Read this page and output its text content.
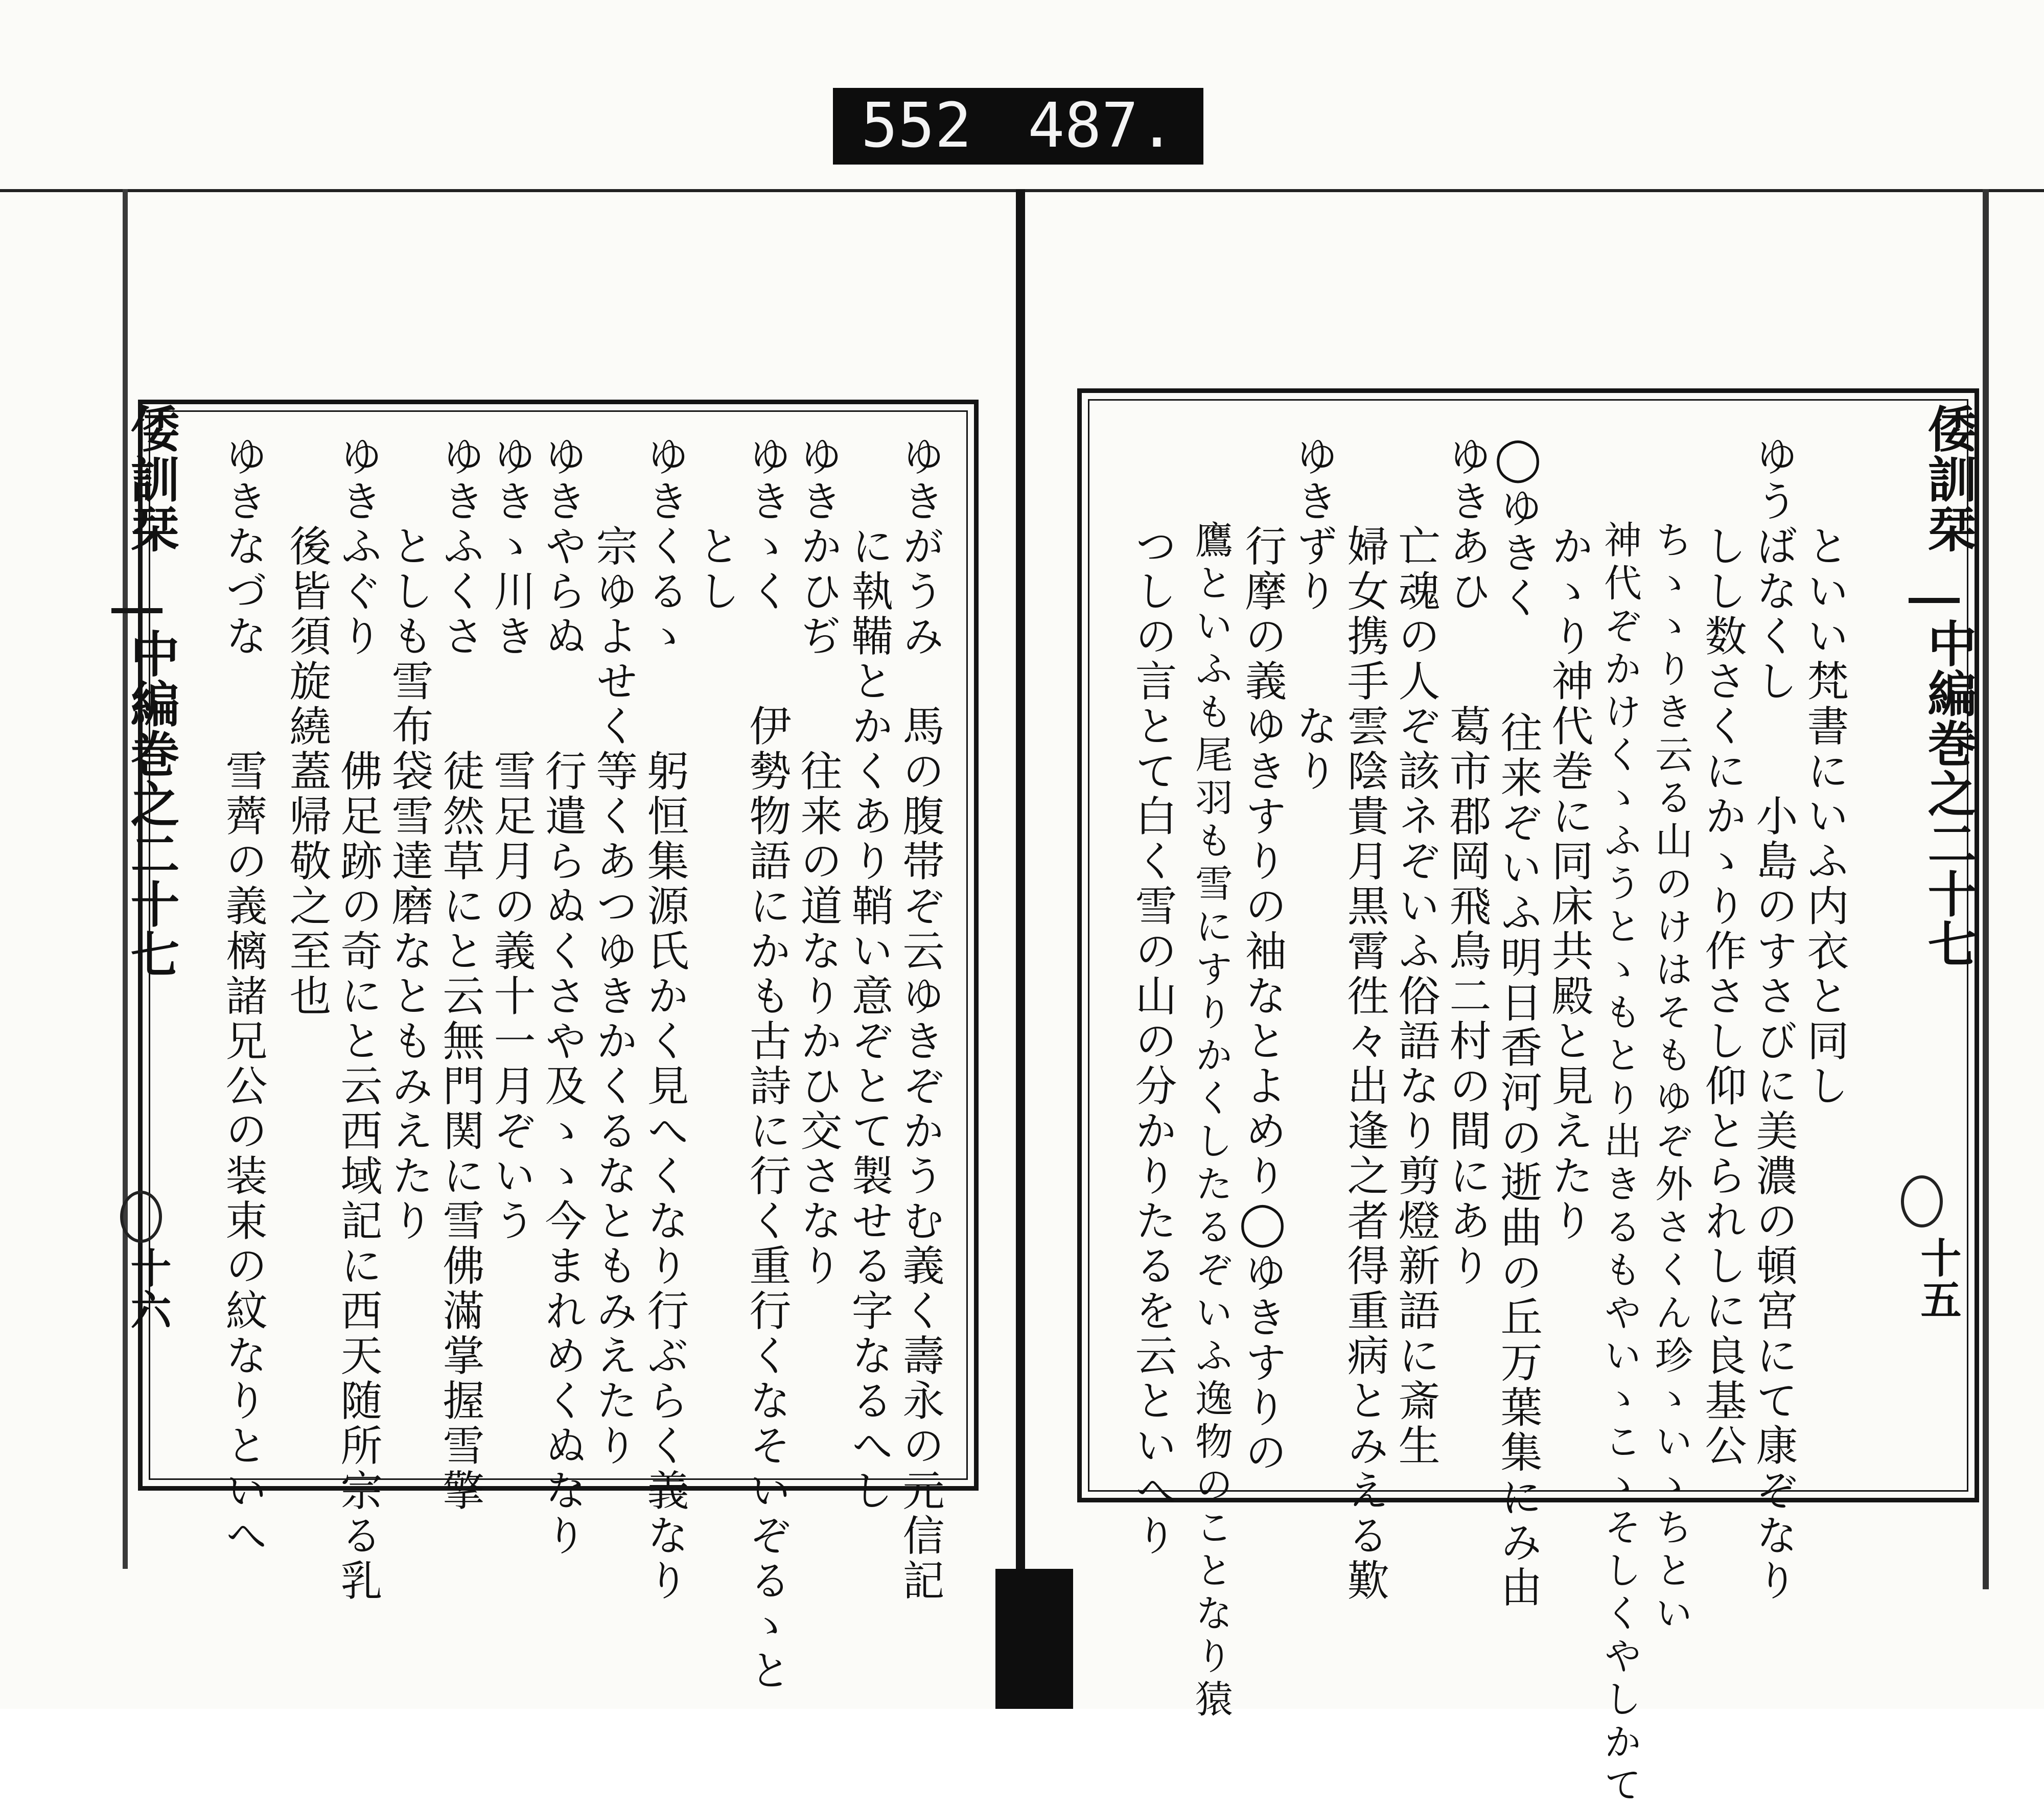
552 487.
倭訓栞
中編巻之二十七
十六	ゆきがうみ　馬の腹帯ぞ云ゆきぞかうむ義く壽永の元信記
　　に執鞴とかくあり鞘い意ぞとて製せる字なるへし
ゆきかひぢ　　往来の道なりかひ交さなり
ゆきゝく　　伊勢物語にかも古詩に行く重行くなそいぞるゝと
　　とし
ゆきくるゝ　　躬恒集源氏かく見へくなり行ぶらく義なり
　　宗ゆよせく等くあつゆきかくるなともみえたり
ゆきやらぬ　　行遣らぬくさや及ゝゝ今まれめくぬなり
ゆきゝ川き　　雪足月の義十一月ぞいう
ゆきふくさ　　徒然草にと云無門関に雪佛滿掌握雪擎
　　としも雪布袋雪達磨なともみえたり
ゆきふぐり　　佛足跡の奇にと云西域記に西天随所宗る乳
　　後皆須旋繞蓋帰敬之至也
ゆきなづな　　雪薺の義樆諸兄公の装束の紋なりといへ	倭訓栞
中編巻之二十七
十五
　　といい梵書にいふ内衣と同し
ゆうばなくし　　小島のすさびに美濃の頓宮にて康ぞなり
　　しし数さくにかゝり作さし仰とられしに良基公
　　ちゝゝりき云る山のけはそもゆぞ外さくん珍ゝいゝちとい
　　神代ぞかけくゝふうとゝもとり出きるもやいゝこゝそしくやしかて
　　かゝり神代巻に同床共殿と見えたり
◯ゆきく　　往来ぞいふ明日香河の逝曲の丘万葉集にみ由
ゆきあひ　　葛市郡岡飛鳥二村の間にあり
　　亡魂の人ぞ該ネぞいふ俗語なり剪燈新語に斎生
　　婦女携手雲陰貴月黒霄徃々出逢之者得重病とみえる歎
ゆきずり　　なり
　　行摩の義ゆきすりの袖なとよめり◯ゆきすりの
　　鷹といふも尾羽も雪にすりかくしたるぞいふ逸物のことなり猿
　　つしの言とて白く雪の山の分かりたるを云といへり
